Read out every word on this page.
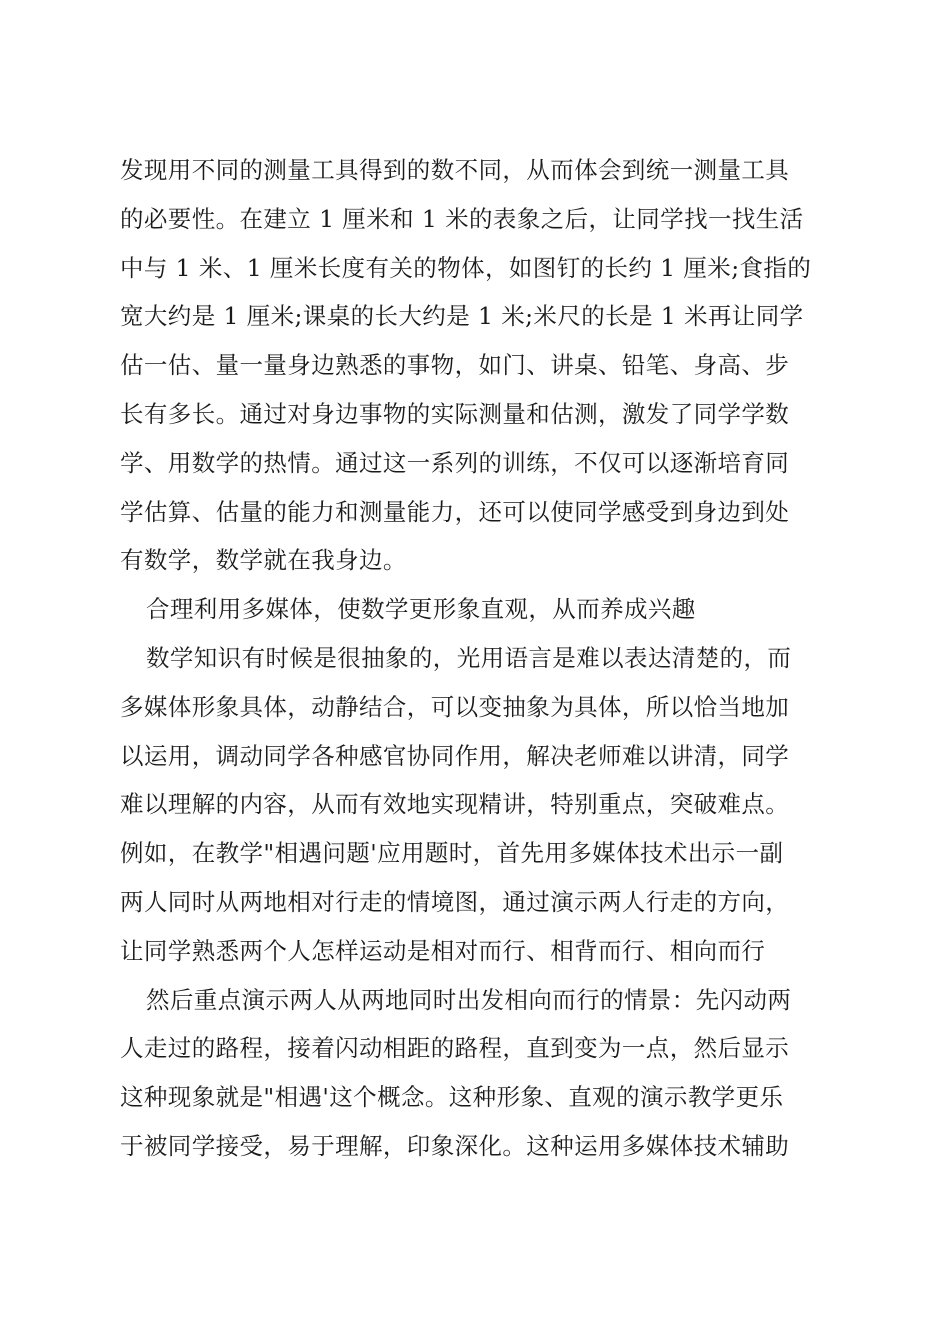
发现用不同的测量工具得到的数不同，从而体会到统一测量工具
的必要性。在建立 1 厘米和 1 米的表象之后，让同学找一找生活
中与 1 米、1 厘米长度有关的物体，如图钉的长约 1 厘米;食指的
宽大约是 1 厘米;课桌的长大约是 1 米;米尺的长是 1 米再让同学
估一估、量一量身边熟悉的事物，如门、讲桌、铅笔、身高、步
长有多长。通过对身边事物的实际测量和估测，激发了同学学数
学、用数学的热情。通过这一系列的训练，不仅可以逐渐培育同
学估算、估量的能力和测量能力，还可以使同学感受到身边到处
有数学，数学就在我身边。
合理利用多媒体，使数学更形象直观，从而养成兴趣
数学知识有时候是很抽象的，光用语言是难以表达清楚的，而
多媒体形象具体，动静结合，可以变抽象为具体，所以恰当地加
以运用，调动同学各种感官协同作用，解决老师难以讲清，同学
难以理解的内容，从而有效地实现精讲，特别重点，突破难点。
例如，在教学"相遇问题'应用题时，首先用多媒体技术出示一副
两人同时从两地相对行走的情境图，通过演示两人行走的方向，
让同学熟悉两个人怎样运动是相对而行、相背而行、相向而行
然后重点演示两人从两地同时出发相向而行的情景：先闪动两
人走过的路程，接着闪动相距的路程，直到变为一点，然后显示
这种现象就是"相遇'这个概念。这种形象、直观的演示教学更乐
于被同学接受，易于理解，印象深化。这种运用多媒体技术辅助
